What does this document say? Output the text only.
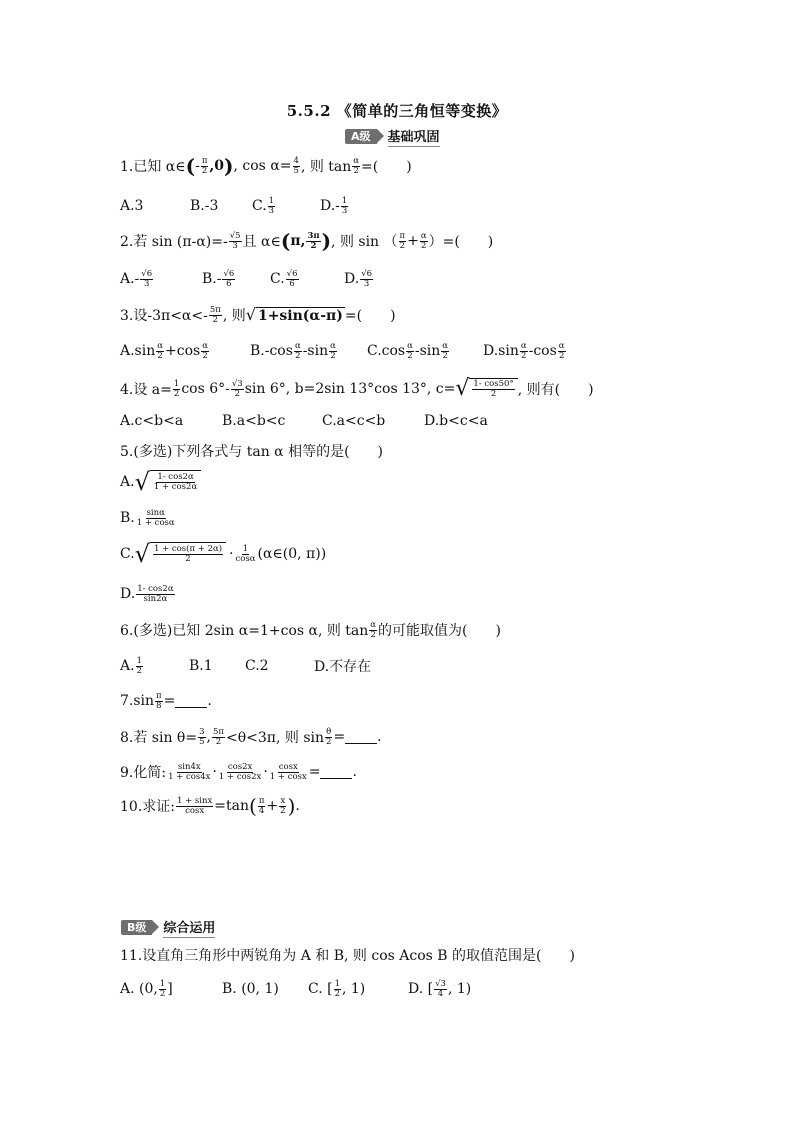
5.5.2 《简单的三角恒等变换》
A级	基础巩固
1.已知 α∈ ( - $\frac{\pi}{2} ,0$ ) , $\cos \alpha= \frac{4}{5}$ , 则 $\tan \frac{\alpha}{2}$ =(　　)
A.3	B.-3	C. $\frac{1}{3}$	$D.- \frac{1}{3}$
2.若 $\sin (\pi-\alpha)=- \frac{√5}{3}$ 且 α∈ ( π, $\frac{3\pi}{2}$ ) , 则 sin （ $\frac{\pi}{2} + \frac{\alpha}{2}$ ）=(　　)
$A.- \frac{√6}{3}$	$B.- \frac{√6}{6} C$. $\frac{√6}{6}$	D. $\frac{√6}{3}$
3.设$-3\pi<\alpha<- \frac{5\pi}{2}$ , 则 √ 1+sin(α-π) =(　　)
$A.\sin \frac{\alpha}{2} +\cos \frac{\alpha}{2}$	$B.-\cos \frac{\alpha}{2} -\sin \frac{\alpha}{2} C.\cos \frac{\alpha}{2} -\sin \frac{\alpha}{2} D.\sin \frac{\alpha}{2} -\cos \frac{\alpha}{2}$
4.设 $a= \frac{1}{2}$ $\cos 6^\circ- \frac{√3}{2}$ sin 6°, b=2sin 13°cos 13°, c= √ $\frac{1- \cos 50^\circ}{2}$ , 则有(　　)
A.c<b<a	B.a<b<c	C.a<c<b	D.b<c<a
5.(多选)下列各式与 tan α 相等的是(　　)
A. √ $\frac{1- \cos 2\alpha}{1 + \cos 2\alpha}$
B. $\frac{\sin\alpha}{1 + \cos\alpha}$
C. √ $\frac{1 + \cos(\pi + 2\alpha)}{2} \cdot \frac{1}{\cos\alpha}$ (α∈(0, π))
D. $\frac{1- \cos 2\alpha}{\sin 2\alpha}$
6.(多选)已知 2sin α=1+cos α, 则 $\tan \frac{\alpha}{2}$ 的可能取值为(　　)
A. $\frac{1}{2}$	B.1	C.2	D.不存在
$7.\sin \frac{\pi}{8}$ = .
8.若 $\sin \theta= \frac{3}{5}$ , $\frac{5\pi}{2} <\theta<3\pi$, 则 $\sin \frac{\theta}{2}$ = .
9.化简: $\frac{\sin 4x}{1 + \cos 4x} \cdot \frac{\cos 2x}{1 + \cos 2x} \cdot \frac{\cos x}{1 + \cos x}$ = .
10.求证: $\frac{1 + \sin x}{\cos x} =\tan$ ( $\frac{\pi}{4} + \frac{x}{2}$ ) .
B级	综合运用
11.设直角三角形中两锐角为 A 和 B, 则 cos Acos B 的取值范围是(　　)
A. (0, $\frac{1}{2}$ ]	B. (0, 1)	C. [ $\frac{1}{2}$ , 1)	D. [ $\frac{√3}{4}$ , 1)
